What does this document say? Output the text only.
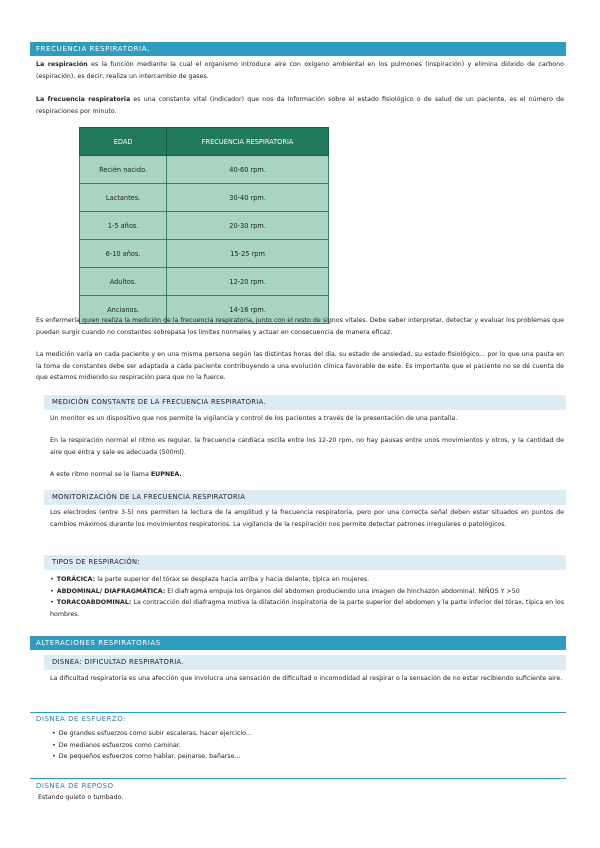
FRECUENCIA RESPIRATORIA.
La respiración es la función mediante la cual el organismo introduce aire con oxígeno ambiental en los pulmones (inspiración) y elimina dióxido de carbono (espiración), es decir, realiza un intercambio de gases.
La frecuencia respiratoria es una constante vital (indicador) que nos da información sobre el estado fisiológico o de salud de un paciente, es el número de respiraciones por minuto.
EDAD	FRECUENCIA RESPIRATORIA
Recién nacido.	40-60 rpm.
Lactantes.	30-40 rpm.
1-5 años.	20-30 rpm.
6-10 años.	15-25 rpm
Adultos.	12-20 rpm.
Ancianos.	14-16 rpm.
Es enfermería quien realiza la medición de la frecuencia respiratoria, junto con el resto de signos vitales. Debe saber interpretar, detectar y evaluar los problemas que puedan surgir cuando no constantes sobrepasa los límites normales y actuar en consecuencia de manera eficaz.
La medición varía en cada paciente y en una misma persona según las distintas horas del día, su estado de ansiedad, su estado fisiológico... por lo que una pauta en la toma de constantes debe ser adaptada a cada paciente contribuyendo a una evolución clínica favorable de este. Es importante que el paciente no se dé cuenta de que estamos midiendo su respiración para que no la fuerce.
MEDICIÓN CONSTANTE DE LA FRECUENCIA RESPIRATORIA.
Un monitor es un dispositivo que nos permite la vigilancia y control de los pacientes a través de la presentación de una pantalla.
En la respiración normal el ritmo es regular, la frecuencia cardíaca oscila entre los 12-20 rpm, no hay pausas entre unos movimientos y otros, y la cantidad de aire que entra y sale es adecuada (500ml).
A este ritmo normal se le llama EUPNEA.
MONITORIZACIÓN DE LA FRECUENCIA RESPIRATORIA
Los electrodos (entre 3-5) nos permiten la lectura de la amplitud y la frecuencia respiratoria, pero por una correcta señal deben estar situados en puntos de cambios máximos durante los movimientos respiratorios. La vigilancia de la respiración nos permite detectar patrones irregulares o patológicos.
TIPOS DE RESPIRACIÓN:
• TORÁCICA: la parte superior del tórax se desplaza hacia arriba y hacia delante, típica en mujeres.
• ABDOMINAL/ DIAFRAGMÁTICA: El diafragma empuja los órganos del abdomen produciendo una imagen de hinchazón abdominal. NIÑOS Y >50
• TORACOABDOMINAL: La contracción del diafragma motiva la dilatación inspiratoria de la parte superior del abdomen y la parte inferior del tórax, típica en los hombres.
ALTERACIONES RESPIRATORIAS
DISNEA: DIFICULTAD RESPIRATORIA.
La dificultad respiratoria es una afección que involucra una sensación de dificultad o incomodidad al respirar o la sensación de no estar recibiendo suficiente aire.
DISNEA DE ESFUERZO:
• De grandes esfuerzos como subir escaleras, hacer ejercicio...
• De medianos esfuerzos como caminar.
• De pequeños esfuerzos como hablar, peinarse, bañarse...
DISNEA DE REPOSO
Estando quieto o tumbado.
